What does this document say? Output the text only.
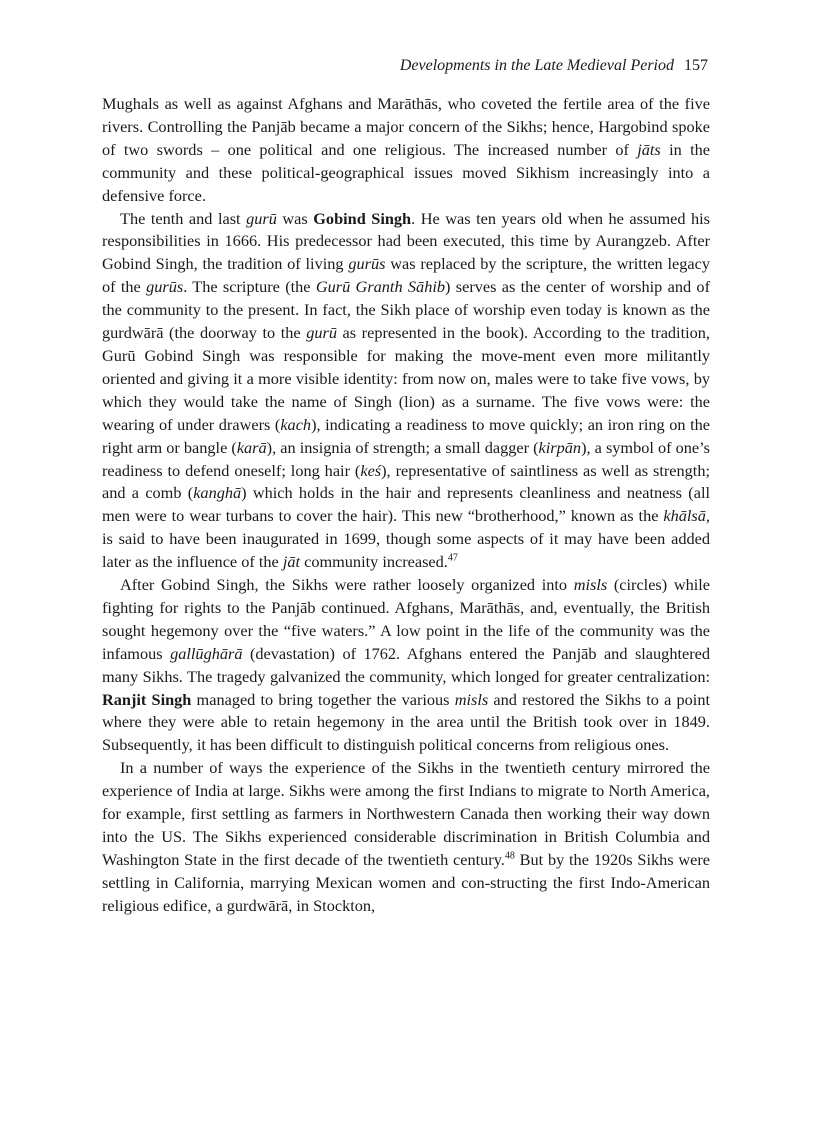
Developments in the Late Medieval Period 157

Mughals as well as against Afghans and Marāthās, who coveted the fertile area of the five rivers. Controlling the Panjāb became a major concern of the Sikhs; hence, Hargobind spoke of two swords – one political and one religious. The increased number of jāts in the community and these political-geographical issues moved Sikhism increasingly into a defensive force.

The tenth and last gurū was Gobind Singh. He was ten years old when he assumed his responsibilities in 1666. His predecessor had been executed, this time by Aurangzeb. After Gobind Singh, the tradition of living gurūs was replaced by the scripture, the written legacy of the gurūs. The scripture (the Gurū Granth Sāhib) serves as the center of worship and of the community to the present. In fact, the Sikh place of worship even today is known as the gurdwārā (the doorway to the gurū as represented in the book). According to the tradition, Gurū Gobind Singh was responsible for making the move-ment even more militantly oriented and giving it a more visible identity: from now on, males were to take five vows, by which they would take the name of Singh (lion) as a surname. The five vows were: the wearing of under drawers (kach), indicating a readiness to move quickly; an iron ring on the right arm or bangle (karā), an insignia of strength; a small dagger (kirpān), a symbol of one’s readiness to defend oneself; long hair (keś), representative of saintliness as well as strength; and a comb (kanghā) which holds in the hair and represents cleanliness and neatness (all men were to wear turbans to cover the hair). This new “brotherhood,” known as the khālsā, is said to have been inaugurated in 1699, though some aspects of it may have been added later as the influence of the jāt community increased.$^{47}$

After Gobind Singh, the Sikhs were rather loosely organized into misls (circles) while fighting for rights to the Panjāb continued. Afghans, Marāthās, and, eventually, the British sought hegemony over the “five waters.” A low point in the life of the community was the infamous gallūghārā (devastation) of 1762. Afghans entered the Panjāb and slaughtered many Sikhs. The tragedy galvanized the community, which longed for greater centralization: Ranjit Singh managed to bring together the various misls and restored the Sikhs to a point where they were able to retain hegemony in the area until the British took over in 1849. Subsequently, it has been difficult to distinguish political concerns from religious ones.

In a number of ways the experience of the Sikhs in the twentieth century mirrored the experience of India at large. Sikhs were among the first Indians to migrate to North America, for example, first settling as farmers in Northwestern Canada then working their way down into the US. The Sikhs experienced considerable discrimination in British Columbia and Washington State in the first decade of the twentieth century.$^{48}$ But by the 1920s Sikhs were settling in California, marrying Mexican women and con-structing the first Indo-American religious edifice, a gurdwārā, in Stockton,
